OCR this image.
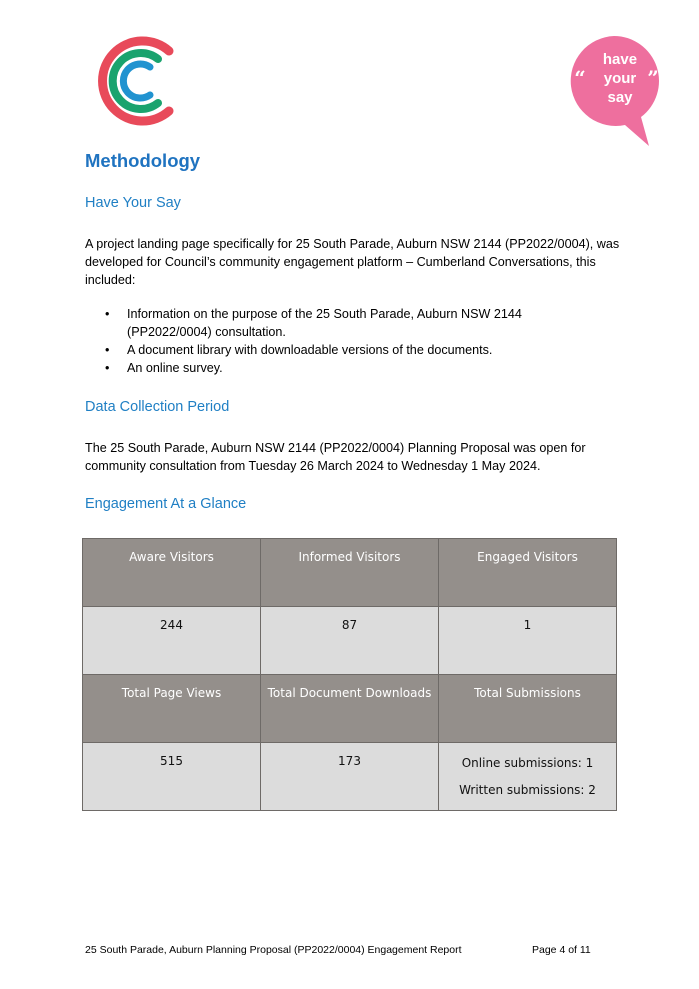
have
your
say
“	”
Methodology
Have Your Say

A project landing page specifically for 25 South Parade, Auburn NSW 2144 (PP2022/0004), was developed for Council’s community engagement platform – Cumberland Conversations, this included:

• Information on the purpose of the 25 South Parade, Auburn NSW 2144 (PP2022/0004) consultation.
• A document library with downloadable versions of the documents.
• An online survey.
Data Collection Period

The 25 South Parade, Auburn NSW 2144 (PP2022/0004) Planning Proposal was open for community consultation from Tuesday 26 March 2024 to Wednesday 1 May 2024.

Engagement At a Glance
Aware Visitors	Informed Visitors	Engaged Visitors
244	87	1
Total Page Views	Total Document Downloads	Total Submissions
515	173	Online submissions: 1
Written submissions: 2
25 South Parade, Auburn Planning Proposal (PP2022/0004) Engagement Report	Page 4 of 11
